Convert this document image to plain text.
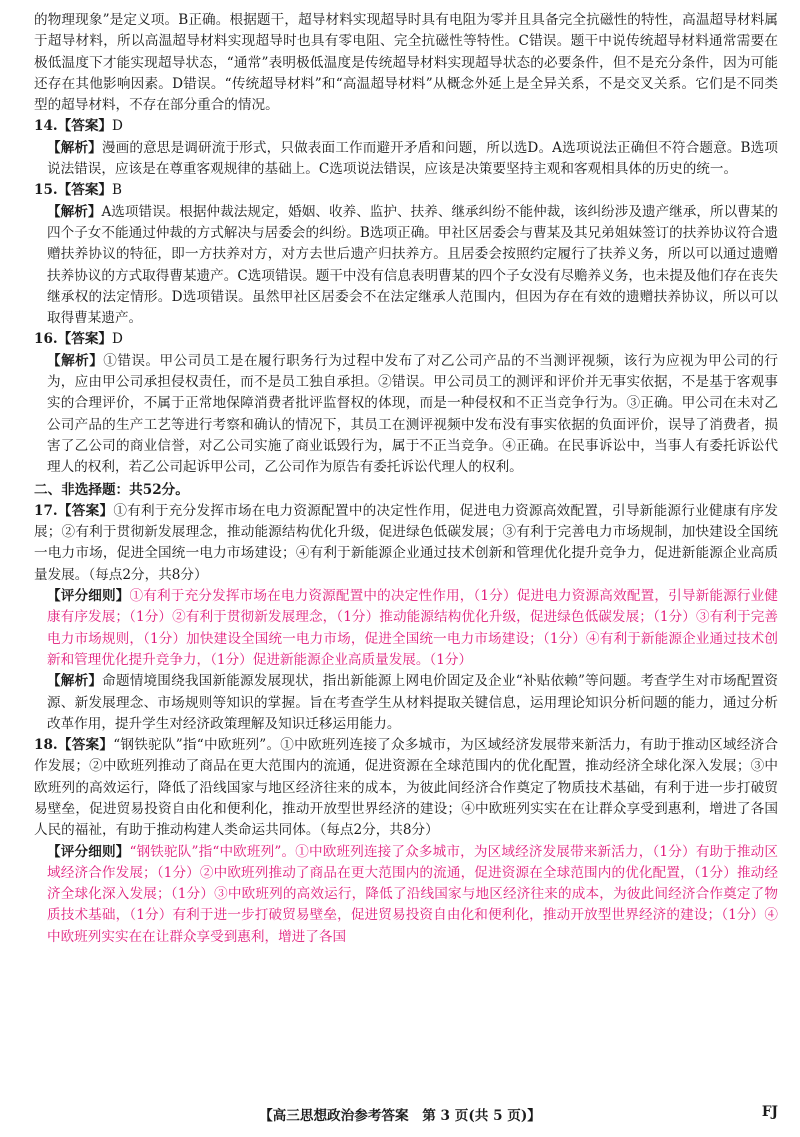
的物理现象”是定义项。B正确。根据题干，超导材料实现超导时具有电阻为零并且具备完全抗磁性的特性，高温超导材料属于超导材料，所以高温超导材料实现超导时也具有零电阻、完全抗磁性等特性。C错误。题干中说传统超导材料通常需要在极低温度下才能实现超导状态，“通常”表明极低温度是传统超导材料实现超导状态的必要条件，但不是充分条件，因为可能还存在其他影响因素。D错误。“传统超导材料”和“高温超导材料”从概念外延上是全异关系，不是交叉关系。它们是不同类型的超导材料，不存在部分重合的情况。

14.【答案】D

【解析】漫画的意思是调研流于形式，只做表面工作而避开矛盾和问题，所以选D。A选项说法正确但不符合题意。B选项说法错误，应该是在尊重客观规律的基础上。C选项说法错误，应该是决策要坚持主观和客观相具体的历史的统一。

15.【答案】B

【解析】A选项错误。根据仲裁法规定，婚姻、收养、监护、扶养、继承纠纷不能仲裁，该纠纷涉及遗产继承，所以曹某的四个子女不能通过仲裁的方式解决与居委会的纠纷。B选项正确。甲社区居委会与曹某及其兄弟姐妹签订的扶养协议符合遗赠扶养协议的特征，即一方扶养对方，对方去世后遗产归扶养方。且居委会按照约定履行了扶养义务，所以可以通过遗赠扶养协议的方式取得曹某遗产。C选项错误。题干中没有信息表明曹某的四个子女没有尽赡养义务，也未提及他们存在丧失继承权的法定情形。D选项错误。虽然甲社区居委会不在法定继承人范围内，但因为存在有效的遗赠扶养协议，所以可以取得曹某遗产。

16.【答案】D

【解析】①错误。甲公司员工是在履行职务行为过程中发布了对乙公司产品的不当测评视频，该行为应视为甲公司的行为，应由甲公司承担侵权责任，而不是员工独自承担。②错误。甲公司员工的测评和评价并无事实依据，不是基于客观事实的合理评价，不属于正常地保障消费者批评监督权的体现，而是一种侵权和不正当竞争行为。③正确。甲公司在未对乙公司产品的生产工艺等进行考察和确认的情况下，其员工在测评视频中发布没有事实依据的负面评价，误导了消费者，损害了乙公司的商业信誉，对乙公司实施了商业诋毁行为，属于不正当竞争。④正确。在民事诉讼中，当事人有委托诉讼代理人的权利，若乙公司起诉甲公司，乙公司作为原告有委托诉讼代理人的权利。

二、非选择题：共52分。

17.【答案】①有利于充分发挥市场在电力资源配置中的决定性作用，促进电力资源高效配置，引导新能源行业健康有序发展；②有利于贯彻新发展理念，推动能源结构优化升级，促进绿色低碳发展；③有利于完善电力市场规制，加快建设全国统一电力市场，促进全国统一电力市场建设；④有利于新能源企业通过技术创新和管理优化提升竞争力，促进新能源企业高质量发展。（每点2分，共8分）

【评分细则】①有利于充分发挥市场在电力资源配置中的决定性作用，（1分）促进电力资源高效配置，引导新能源行业健康有序发展；（1分）②有利于贯彻新发展理念，（1分）推动能源结构优化升级，促进绿色低碳发展；（1分）③有利于完善电力市场规则，（1分）加快建设全国统一电力市场，促进全国统一电力市场建设；（1分）④有利于新能源企业通过技术创新和管理优化提升竞争力，（1分）促进新能源企业高质量发展。（1分）

【解析】命题情境围绕我国新能源发展现状，指出新能源上网电价固定及企业“补贴依赖”等问题。考查学生对市场配置资源、新发展理念、市场规则等知识的掌握。旨在考查学生从材料提取关键信息，运用理论知识分析问题的能力，通过分析改革作用，提升学生对经济政策理解及知识迁移运用能力。

18.【答案】“钢铁驼队”指“中欧班列”。①中欧班列连接了众多城市，为区域经济发展带来新活力，有助于推动区域经济合作发展；②中欧班列推动了商品在更大范围内的流通，促进资源在全球范围内的优化配置，推动经济全球化深入发展；③中欧班列的高效运行，降低了沿线国家与地区经济往来的成本，为彼此间经济合作奠定了物质技术基础，有利于进一步打破贸易壁垒，促进贸易投资自由化和便利化，推动开放型世界经济的建设；④中欧班列实实在在让群众享受到惠利，增进了各国人民的福祉，有助于推动构建人类命运共同体。（每点2分，共8分）

【评分细则】“钢铁驼队”指“中欧班列”。①中欧班列连接了众多城市，为区域经济发展带来新活力，（1分）有助于推动区域经济合作发展；（1分）②中欧班列推动了商品在更大范围内的流通，促进资源在全球范围内的优化配置，（1分）推动经济全球化深入发展；（1分）③中欧班列的高效运行，降低了沿线国家与地区经济往来的成本，为彼此间经济合作奠定了物质技术基础，（1分）有利于进一步打破贸易壁垒，促进贸易投资自由化和便利化，推动开放型世界经济的建设；（1分）④中欧班列实实在在让群众享受到惠利，增进了各国

【高三思想政治参考答案　第 3 页(共 5 页)】	FJ
